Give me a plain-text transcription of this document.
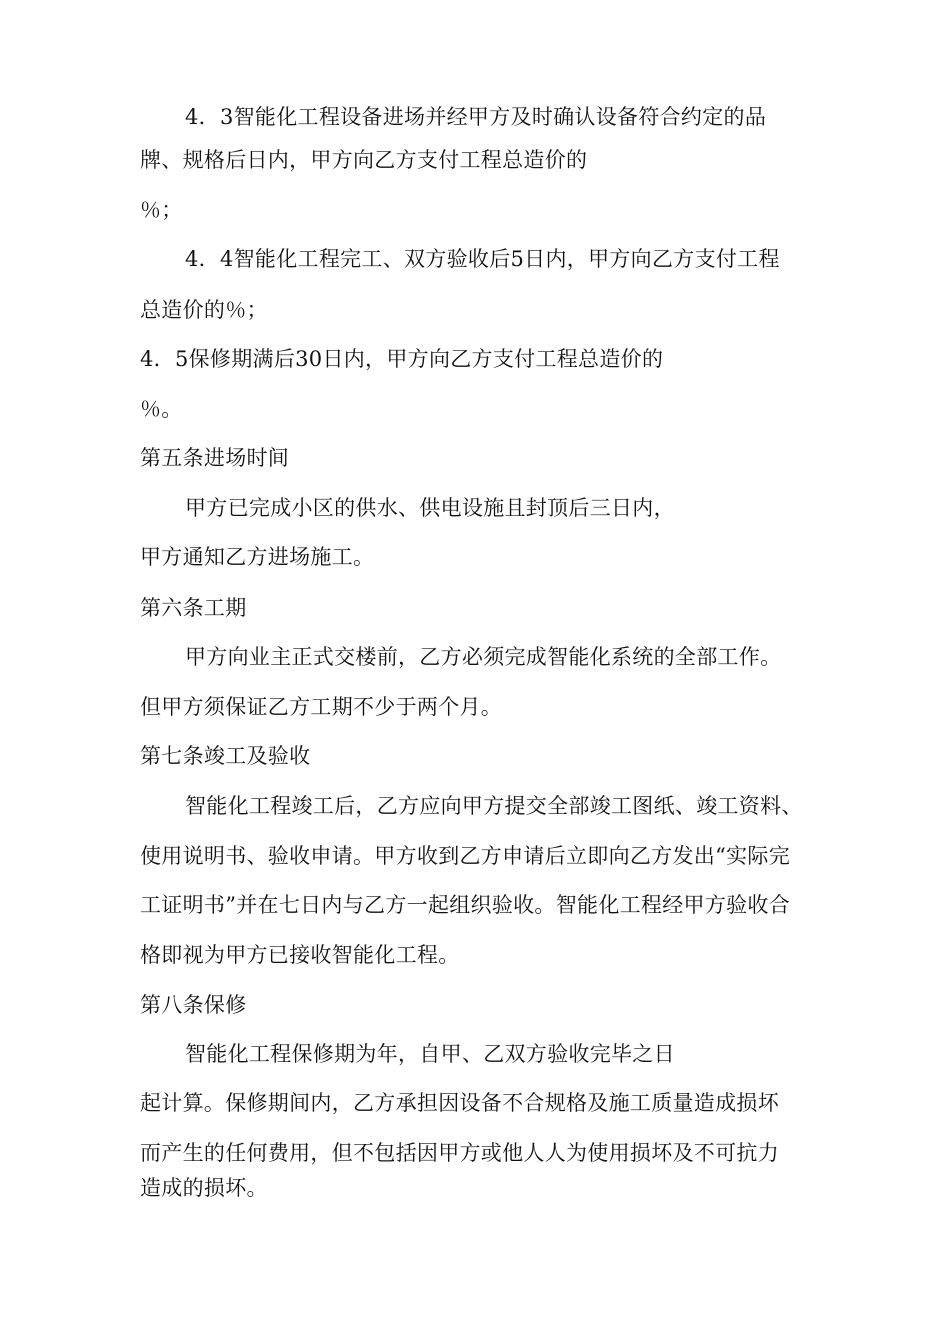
4．3智能化工程设备进场并经甲方及时确认设备符合约定的品
牌、规格后日内，甲方向乙方支付工程总造价的
％；
4．4智能化工程完工、双方验收后5日内，甲方向乙方支付工程
总造价的％；
4．5保修期满后30日内，甲方向乙方支付工程总造价的
％。
第五条进场时间
甲方已完成小区的供水、供电设施且封顶后三日内，
甲方通知乙方进场施工。
第六条工期
甲方向业主正式交楼前，乙方必须完成智能化系统的全部工作。
但甲方须保证乙方工期不少于两个月。
第七条竣工及验收
智能化工程竣工后，乙方应向甲方提交全部竣工图纸、竣工资料、
使用说明书、验收申请。甲方收到乙方申请后立即向乙方发出“实际完
工证明书”并在七日内与乙方一起组织验收。智能化工程经甲方验收合
格即视为甲方已接收智能化工程。
第八条保修
智能化工程保修期为年，自甲、乙双方验收完毕之日
起计算。保修期间内，乙方承担因设备不合规格及施工质量造成损坏
而产生的任何费用，但不包括因甲方或他人人为使用损坏及不可抗力
造成的损坏。
